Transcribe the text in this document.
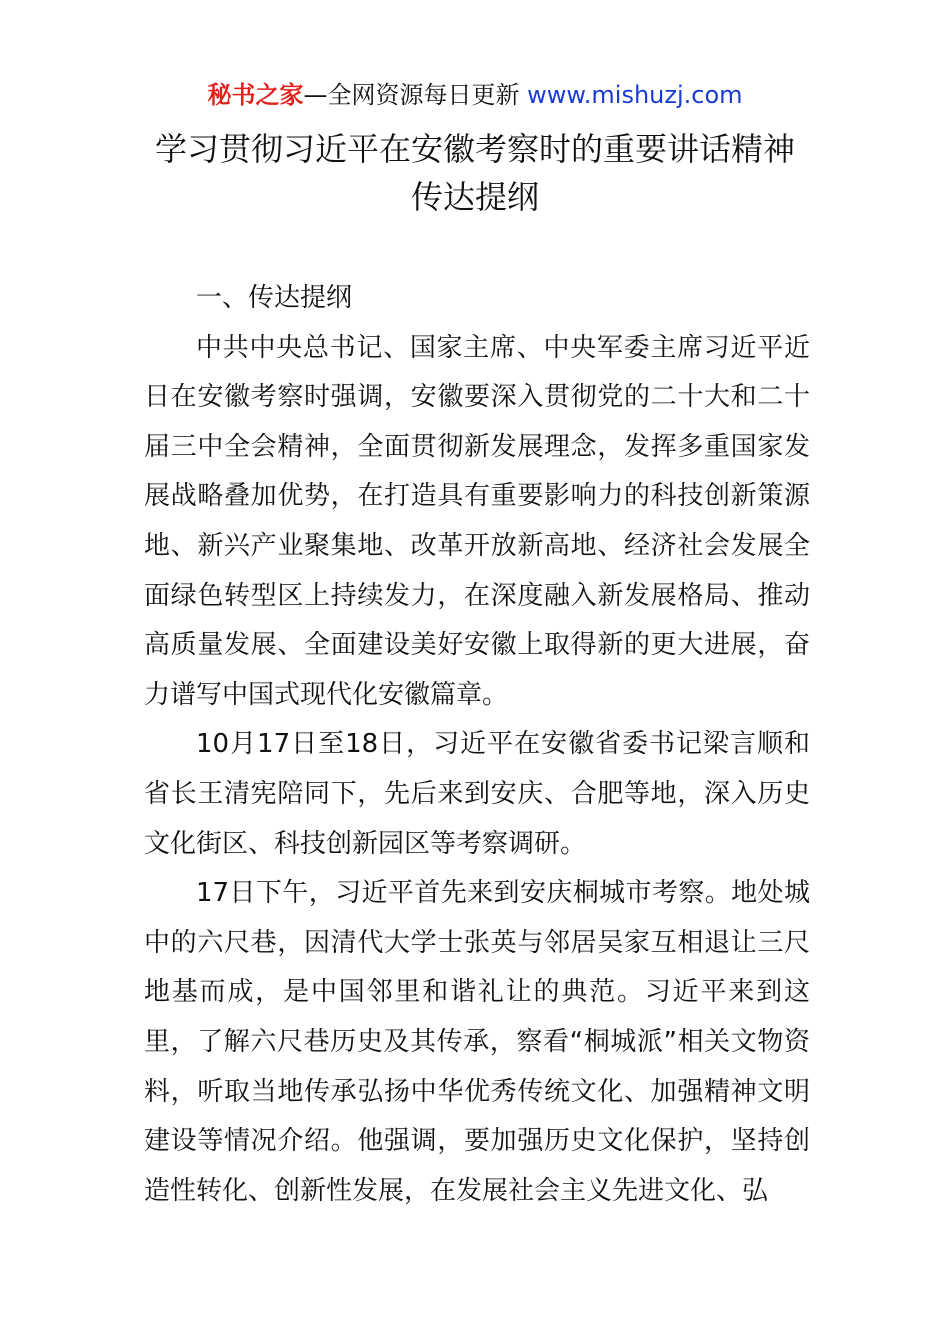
秘书之家—全网资源每日更新 www.mishuzj.com
学习贯彻习近平在安徽考察时的重要讲话精神
传达提纲

一、传达提纲

中共中央总书记、国家主席、中央军委主席习近平近日在安徽考察时强调，安徽要深入贯彻党的二十大和二十届三中全会精神，全面贯彻新发展理念，发挥多重国家发展战略叠加优势，在打造具有重要影响力的科技创新策源地、新兴产业聚集地、改革开放新高地、经济社会发展全面绿色转型区上持续发力，在深度融入新发展格局、推动高质量发展、全面建设美好安徽上取得新的更大进展，奋力谱写中国式现代化安徽篇章。

10月17日至18日，习近平在安徽省委书记梁言顺和省长王清宪陪同下，先后来到安庆、合肥等地，深入历史文化街区、科技创新园区等考察调研。

17日下午，习近平首先来到安庆桐城市考察。地处城中的六尺巷，因清代大学士张英与邻居吴家互相退让三尺地基而成，是中国邻里和谐礼让的典范。习近平来到这里，了解六尺巷历史及其传承，察看“桐城派”相关文物资料，听取当地传承弘扬中华优秀传统文化、加强精神文明建设等情况介绍。他强调，要加强历史文化保护，坚持创造性转化、创新性发展，在发展社会主义先进文化、弘
